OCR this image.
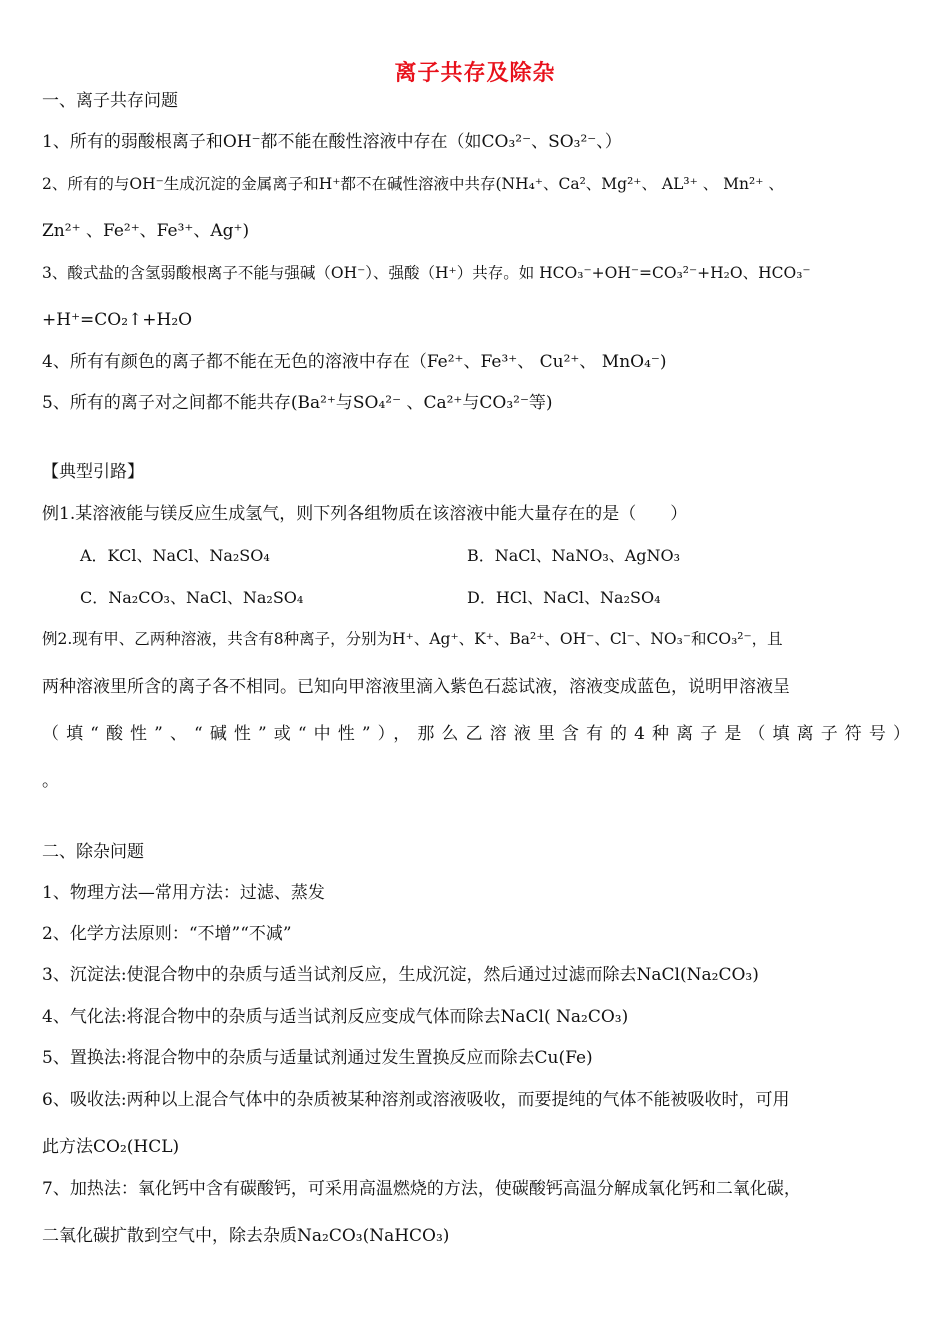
离子共存及除杂
一、离子共存问题
1、所有的弱酸根离子和OH⁻都不能在酸性溶液中存在（如CO₃²⁻、SO₃²⁻、）
2、所有的与OH⁻生成沉淀的金属离子和H⁺都不在碱性溶液中共存(NH₄⁺、Ca²、Mg²⁺、 AL³⁺ 、 Mn²⁺ 、
Zn²⁺ 、Fe²⁺、Fe³⁺、Ag⁺)
3、酸式盐的含氢弱酸根离子不能与强碱（OH⁻）、强酸（H⁺）共存。如 HCO₃⁻+OH⁻=CO₃²⁻+H₂O、HCO₃⁻
+H⁺=CO₂↑+H₂O
4、所有有颜色的离子都不能在无色的溶液中存在（Fe²⁺、Fe³⁺、 Cu²⁺、 MnO₄⁻)
5、所有的离子对之间都不能共存(Ba²⁺与SO₄²⁻ 、Ca²⁺与CO₃²⁻等)
【典型引路】
例1.某溶液能与镁反应生成氢气，则下列各组物质在该溶液中能大量存在的是（　　）
A．KCl、NaCl、Na₂SO₄	B．NaCl、NaNO₃、AgNO₃
C．Na₂CO₃、NaCl、Na₂SO₄	D．HCl、NaCl、Na₂SO₄
例2.现有甲、乙两种溶液，共含有8种离子，分别为H⁺、Ag⁺、K⁺、Ba²⁺、OH⁻、Cl⁻、NO₃⁻和CO₃²⁻，且
两种溶液里所含的离子各不相同。已知向甲溶液里滴入紫色石蕊试液，溶液变成蓝色，说明甲溶液呈
（填“酸性”、“碱性”或“中性”），那么乙溶液里含有的4种离子是（填离子符号）
。
二、除杂问题
1、物理方法—常用方法：过滤、蒸发
2、化学方法原则：“不增”“不减”
3、沉淀法:使混合物中的杂质与适当试剂反应，生成沉淀，然后通过过滤而除去NaCl(Na₂CO₃)
4、气化法:将混合物中的杂质与适当试剂反应变成气体而除去NaCl( Na₂CO₃)
5、置换法:将混合物中的杂质与适量试剂通过发生置换反应而除去Cu(Fe)
6、吸收法:两种以上混合气体中的杂质被某种溶剂或溶液吸收，而要提纯的气体不能被吸收时，可用
此方法CO₂(HCL)
7、加热法：氧化钙中含有碳酸钙，可采用高温燃烧的方法，使碳酸钙高温分解成氧化钙和二氧化碳，
二氧化碳扩散到空气中，除去杂质Na₂CO₃(NaHCO₃)
